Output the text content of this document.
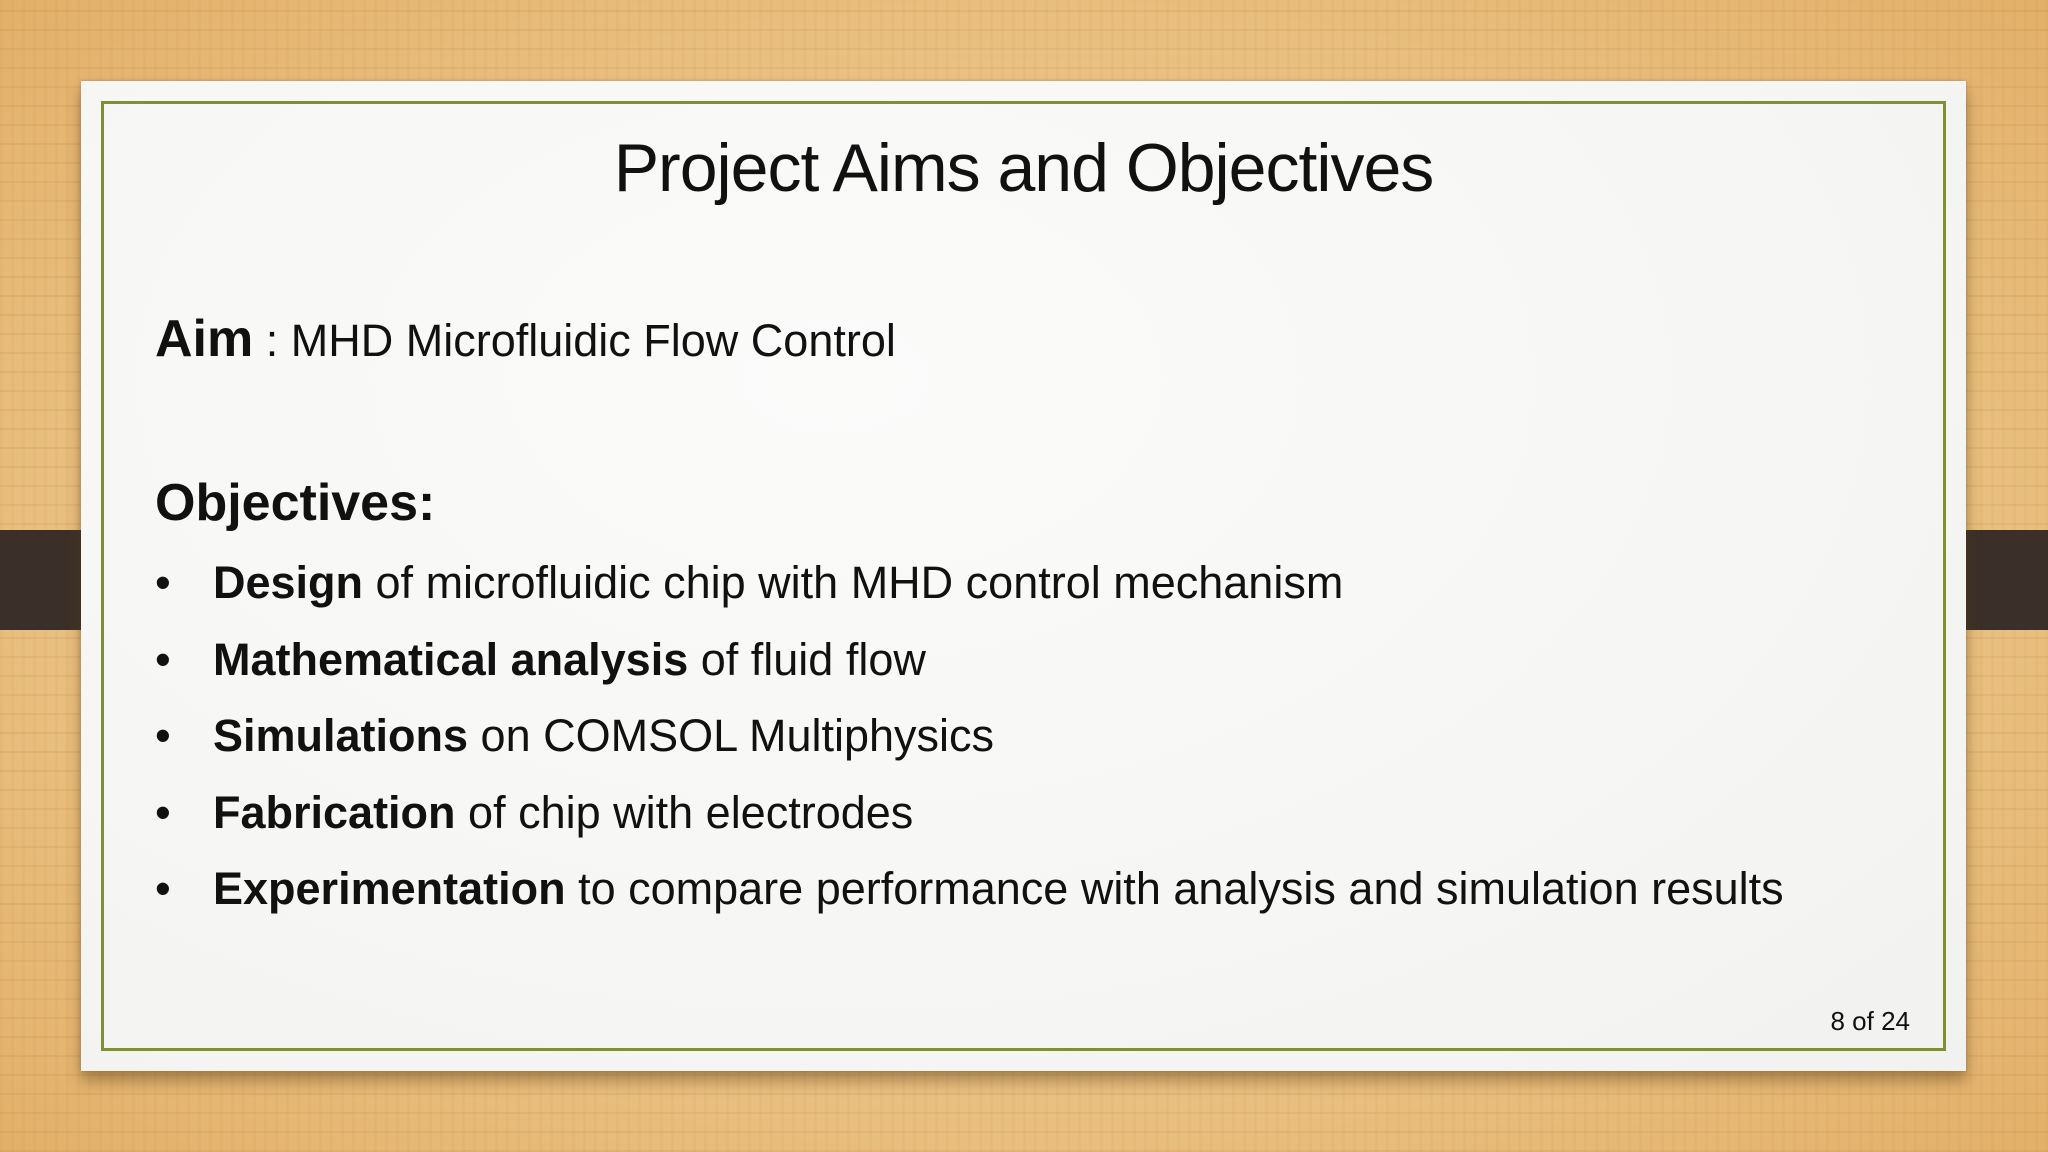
Project Aims and Objectives
Aim : MHD Microfluidic Flow Control
Objectives:
• Design of microfluidic chip with MHD control mechanism
• Mathematical analysis of fluid flow
• Simulations on COMSOL Multiphysics
• Fabrication of chip with electrodes
• Experimentation to compare performance with analysis and simulation results
8 of 24
